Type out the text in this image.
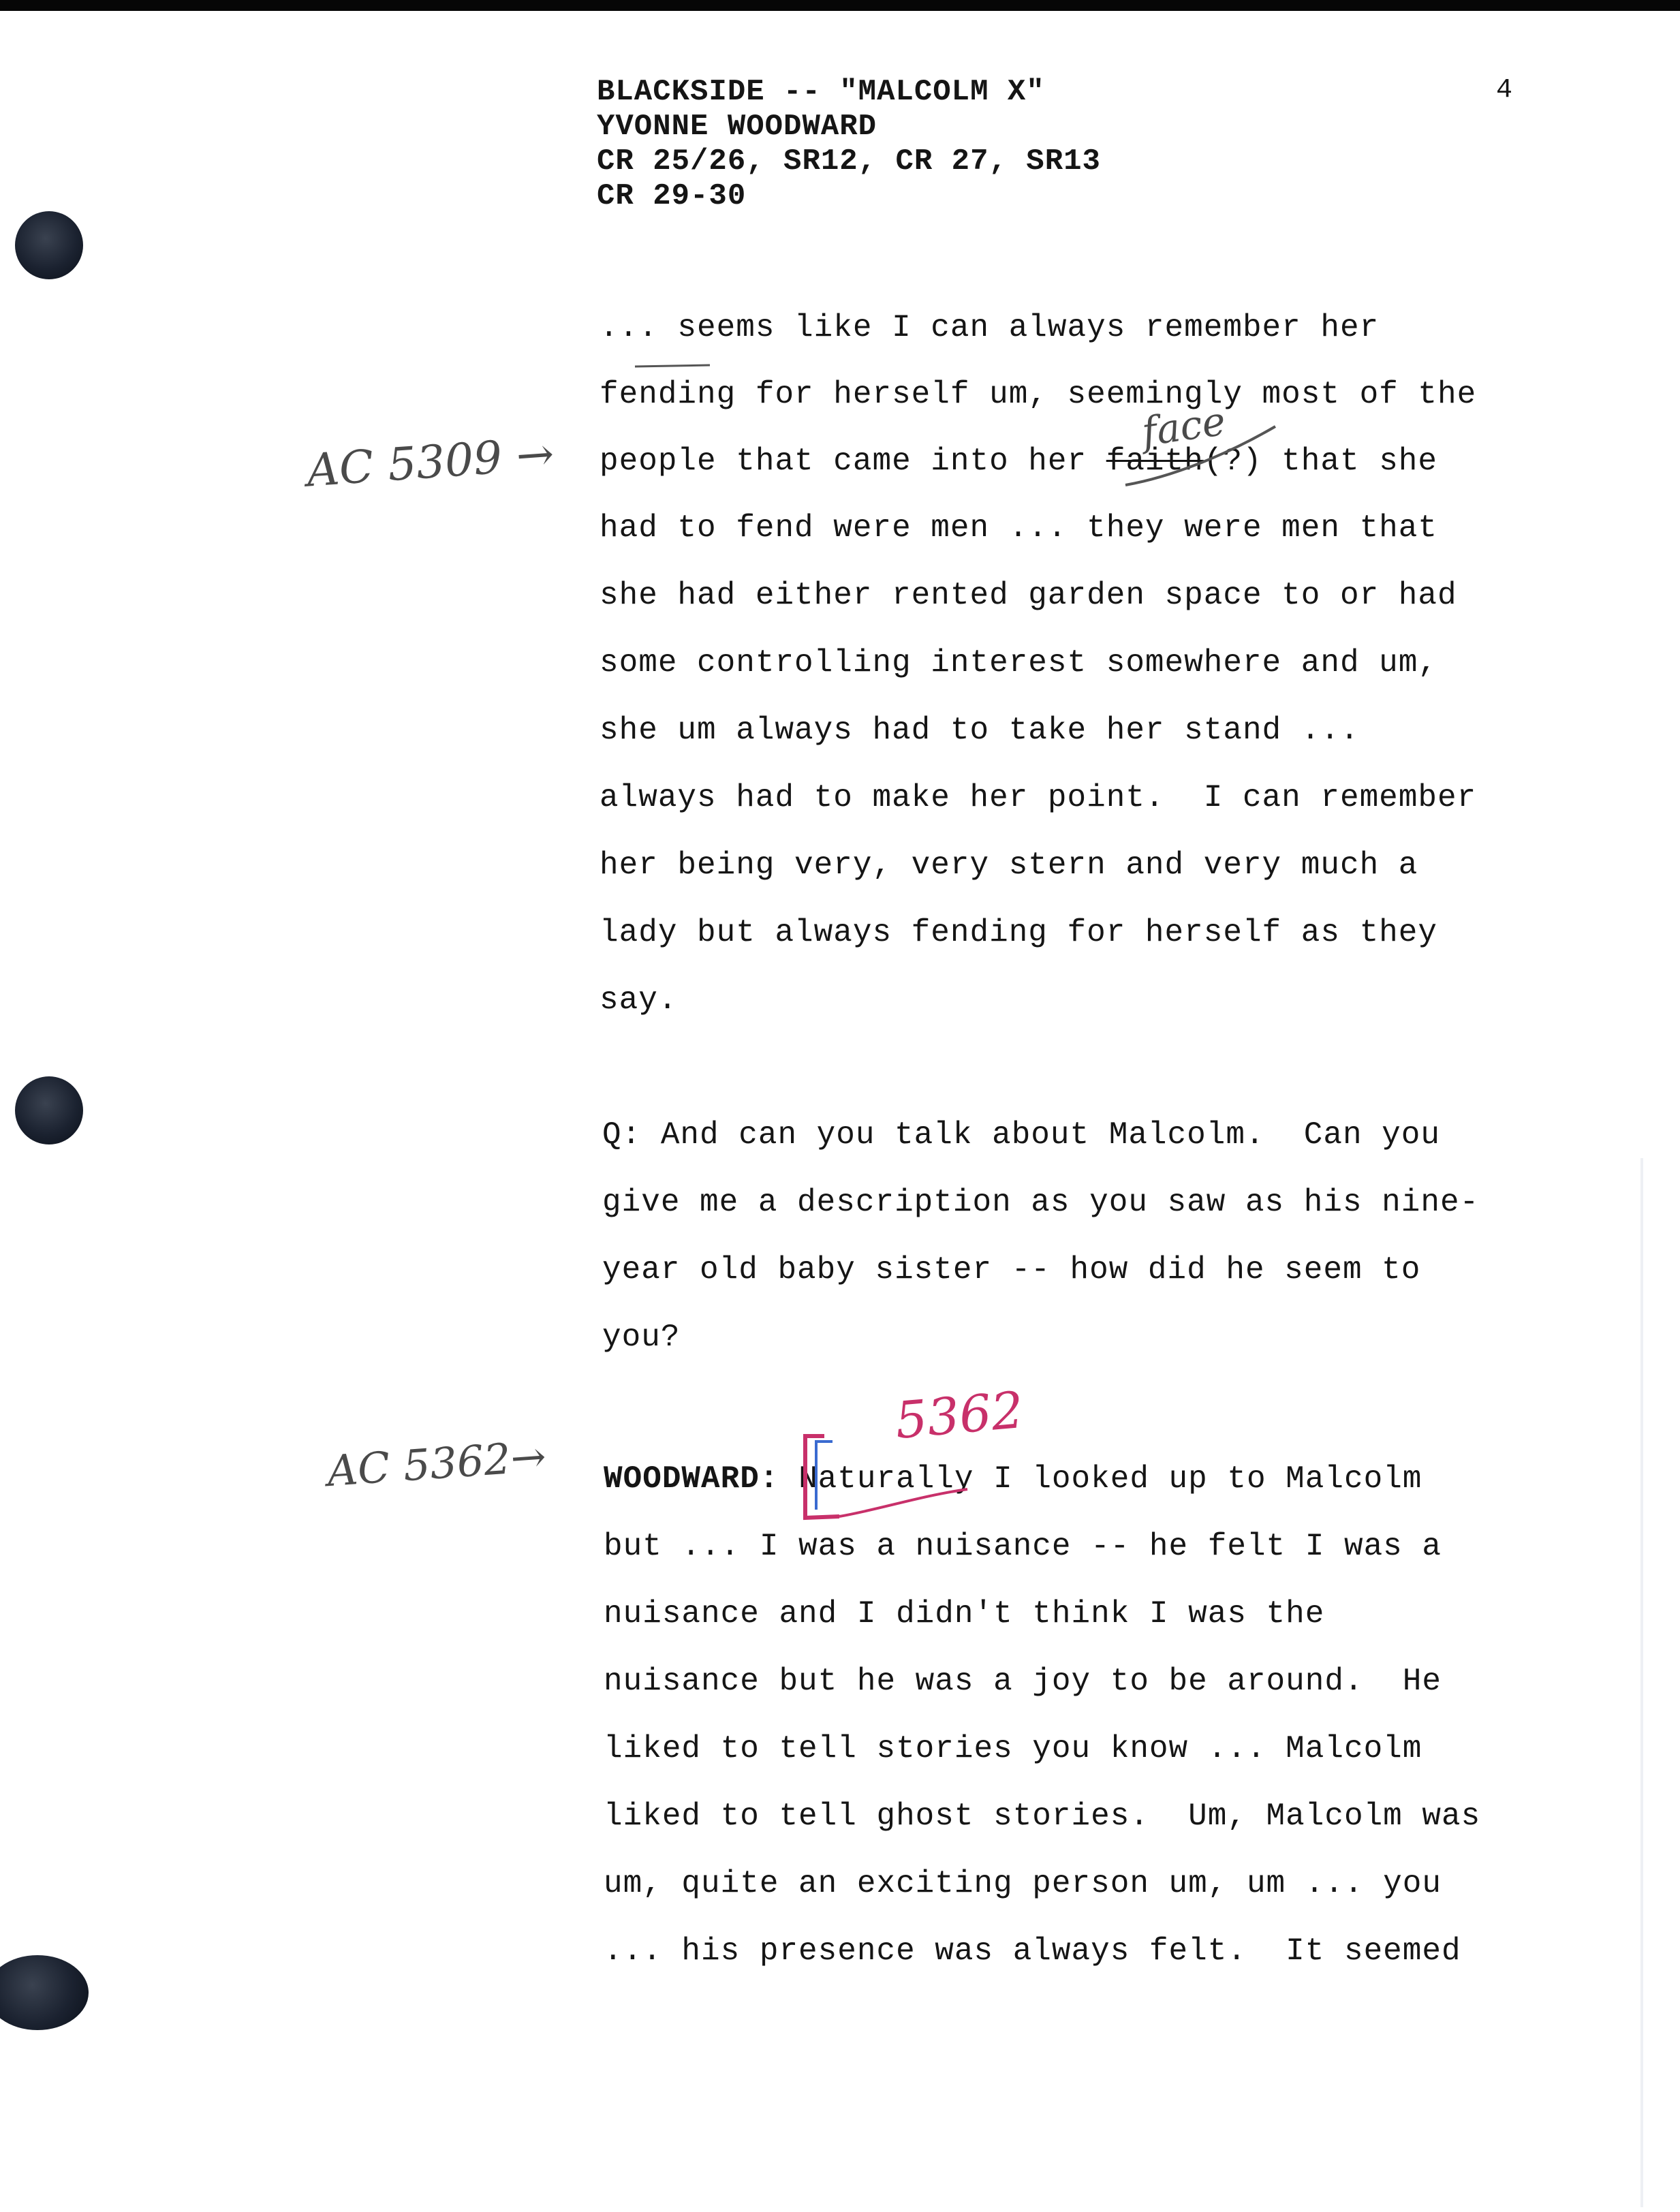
BLACKSIDE -- "MALCOLM X"
YVONNE WOODWARD
CR 25/26, SR12, CR 27, SR13
CR 29-30
4
... seems like I can always remember her
fending for herself um, seemingly most of the
people that came into her faith(?) that she
had to fend were men ... they were men that
she had either rented garden space to or had
some controlling interest somewhere and um,
she um always had to take her stand ...
always had to make her point.  I can remember
her being very, very stern and very much a
lady but always fending for herself as they
say.
Q: And can you talk about Malcolm.  Can you
give me a description as you saw as his nine-
year old baby sister -- how did he seem to
you?
WOODWARD: Naturally I looked up to Malcolm
but ... I was a nuisance -- he felt I was a
nuisance and I didn't think I was the
nuisance but he was a joy to be around.  He
liked to tell stories you know ... Malcolm
liked to tell ghost stories.  Um, Malcolm was
um, quite an exciting person um, um ... you
... his presence was always felt.  It seemed
AC 5309 →
face
AC 5362→
5362
